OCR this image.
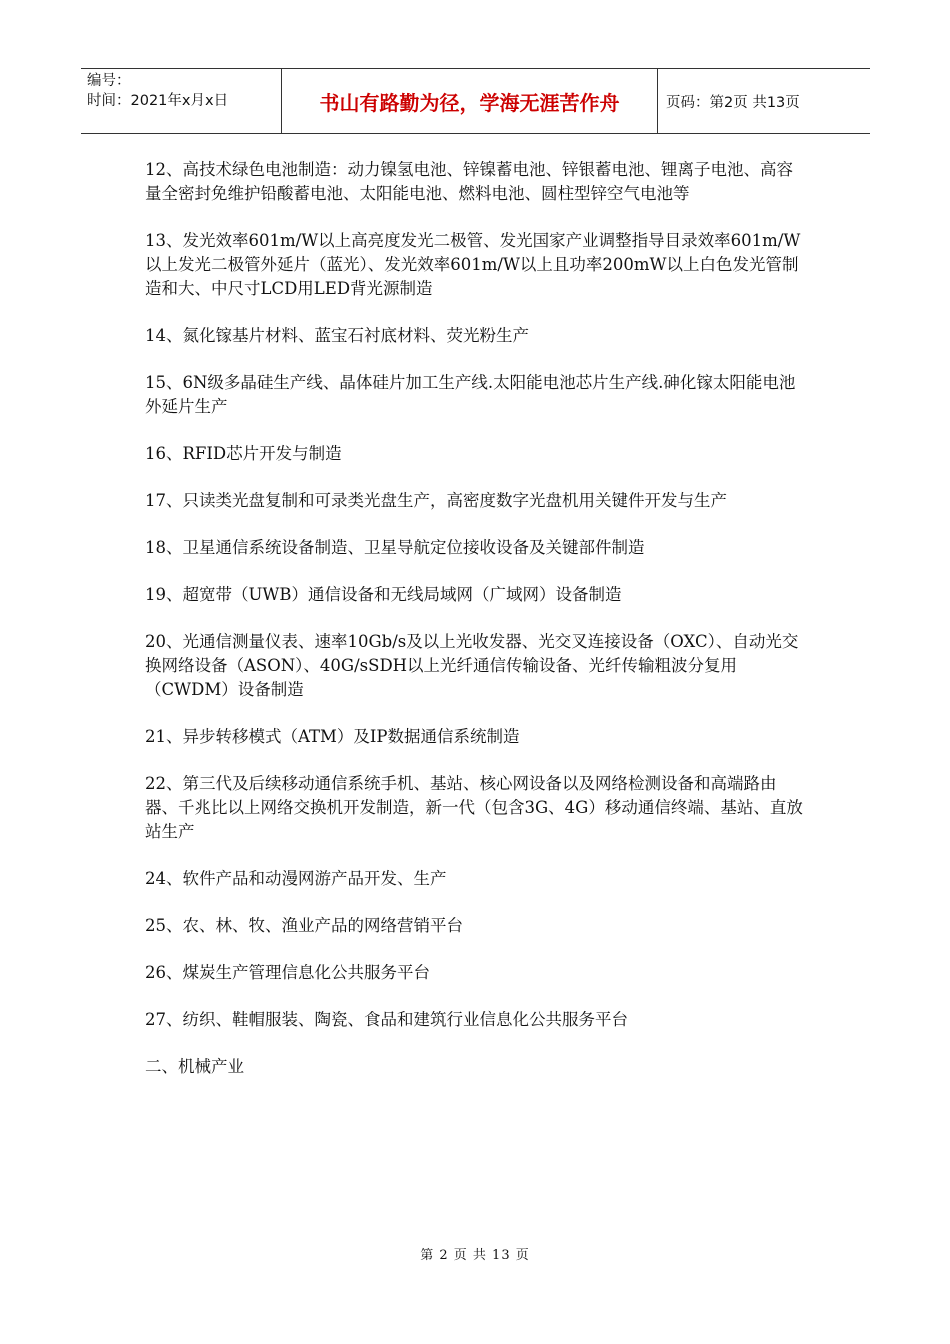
编号：
时间：2021年x月x日	书山有路勤为径，学海无涯苦作舟	页码：第2页 共13页

12、高技术绿色电池制造：动力镍氢电池、锌镍蓄电池、锌银蓄电池、锂离子电池、高容量全密封免维护铅酸蓄电池、太阳能电池、燃料电池、圆柱型锌空气电池等

13、发光效率601m/W以上高亮度发光二极管、发光国家产业调整指导目录效率601m/W以上发光二极管外延片（蓝光）、发光效率601m/W以上且功率200mW以上白色发光管制造和大、中尺寸LCD用LED背光源制造

14、氮化镓基片材料、蓝宝石衬底材料、荧光粉生产

15、6N级多晶硅生产线、晶体硅片加工生产线.太阳能电池芯片生产线.砷化镓太阳能电池外延片生产

16、RFID芯片开发与制造

17、只读类光盘复制和可录类光盘生产，高密度数字光盘机用关键件开发与生产

18、卫星通信系统设备制造、卫星导航定位接收设备及关键部件制造

19、超宽带（UWB）通信设备和无线局域网（广域网）设备制造

20、光通信测量仪表、速率10Gb/s及以上光收发器、光交叉连接设备（OXC）、自动光交换网络设备（ASON）、40G/sSDH以上光纤通信传输设备、光纤传输粗波分复用（CWDM）设备制造

21、异步转移模式（ATM）及IP数据通信系统制造

22、第三代及后续移动通信系统手机、基站、核心网设备以及网络检测设备和高端路由器、千兆比以上网络交换机开发制造，新一代（包含3G、4G）移动通信终端、基站、直放站生产

24、软件产品和动漫网游产品开发、生产

25、农、林、牧、渔业产品的网络营销平台

26、煤炭生产管理信息化公共服务平台

27、纺织、鞋帽服装、陶瓷、食品和建筑行业信息化公共服务平台

二、机械产业

第 2 页 共 13 页
